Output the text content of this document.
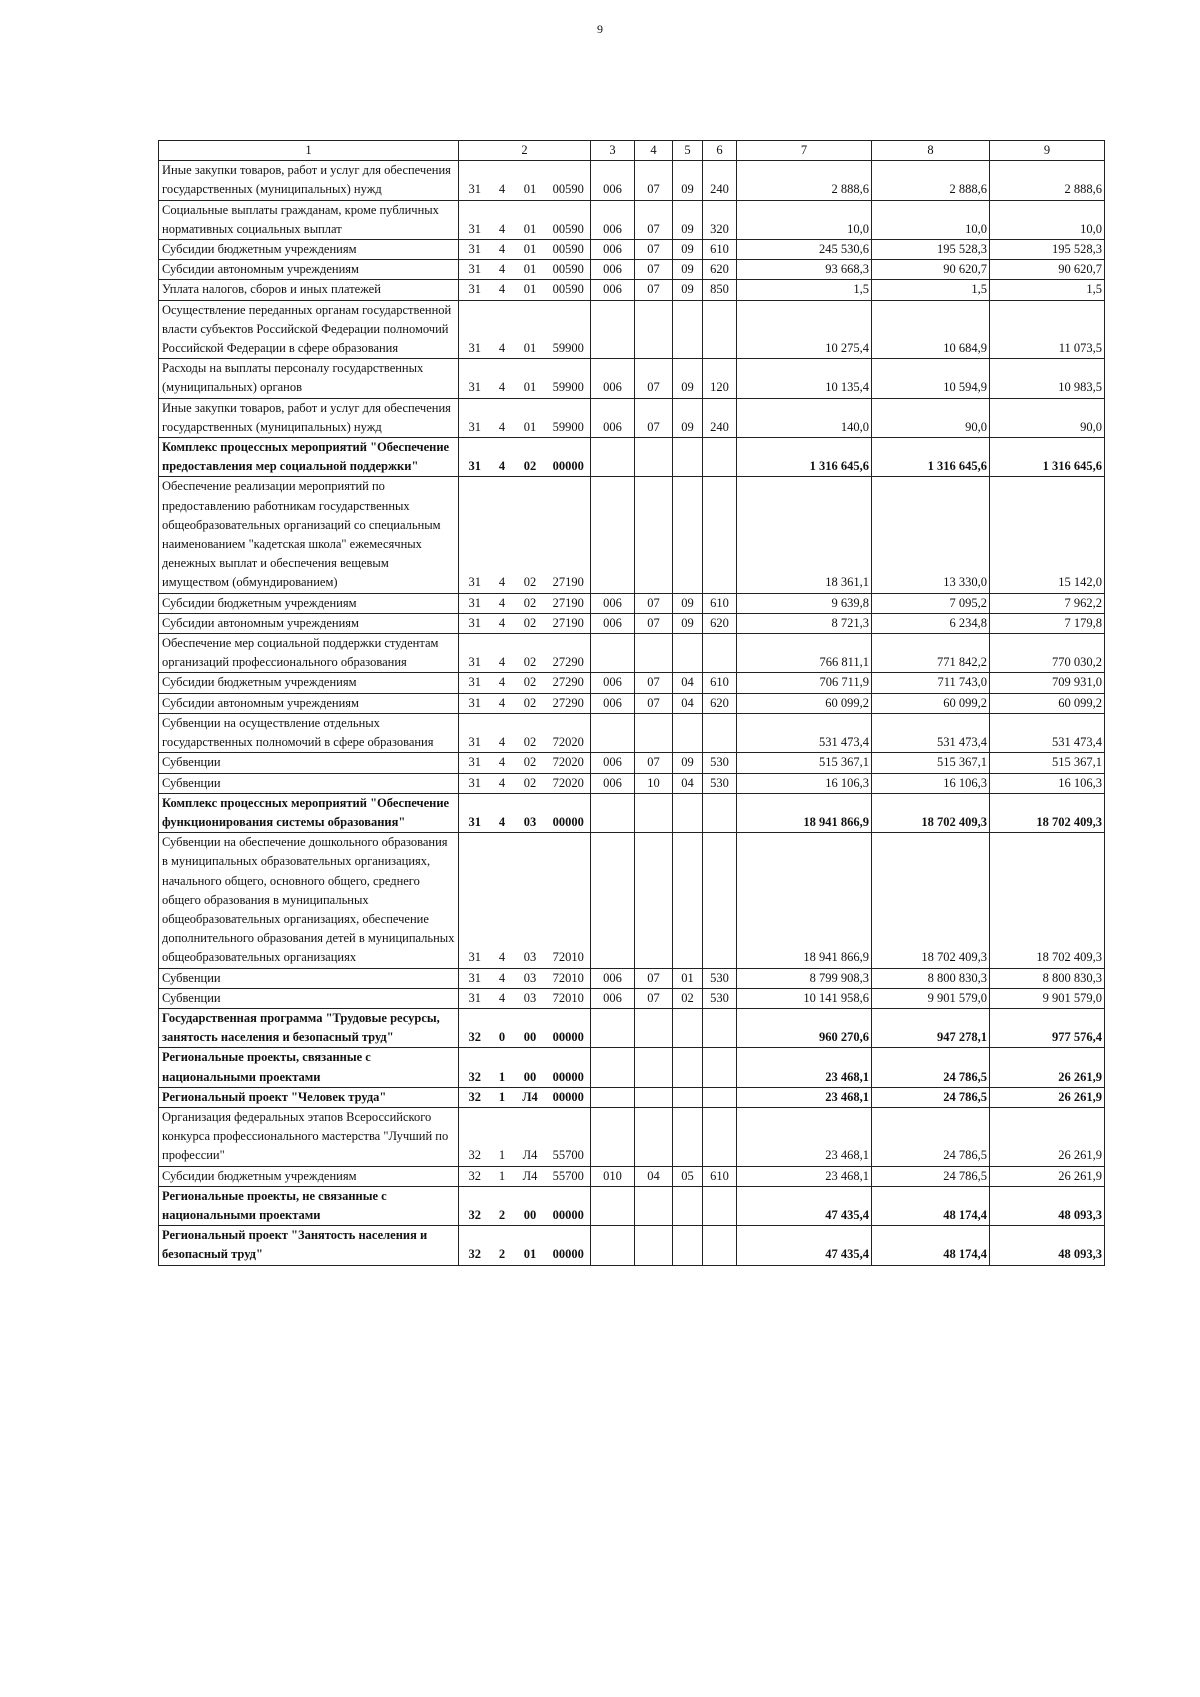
9
1	2				3	4	5	6	7	8	9
Иные закупки товаров, работ и услуг для обеспечения государственных (муниципальных) нужд	31	4	01	00590	006	07	09	240	2 888,6	2 888,6	2 888,6
Социальные выплаты гражданам, кроме публичных нормативных социальных выплат	31	4	01	00590	006	07	09	320	10,0	10,0	10,0
Субсидии бюджетным учреждениям	31	4	01	00590	006	07	09	610	245 530,6	195 528,3	195 528,3
Субсидии автономным учреждениям	31	4	01	00590	006	07	09	620	93 668,3	90 620,7	90 620,7
Уплата налогов, сборов и иных платежей	31	4	01	00590	006	07	09	850	1,5	1,5	1,5
Осуществление переданных органам государственной власти субъектов Российской Федерации полномочий Российской Федерации в сфере образования	31	4	01	59900					10 275,4	10 684,9	11 073,5
Расходы на выплаты персоналу государственных (муниципальных) органов	31	4	01	59900	006	07	09	120	10 135,4	10 594,9	10 983,5
Иные закупки товаров, работ и услуг для обеспечения государственных (муниципальных) нужд	31	4	01	59900	006	07	09	240	140,0	90,0	90,0
Комплекс процессных мероприятий "Обеспечение предоставления мер социальной поддержки"	31	4	02	00000					1 316 645,6	1 316 645,6	1 316 645,6
Обеспечение реализации мероприятий по предоставлению работникам государственных общеобразовательных организаций со специальным наименованием "кадетская школа" ежемесячных денежных выплат и обеспечения вещевым имуществом (обмундированием)	31	4	02	27190					18 361,1	13 330,0	15 142,0
Субсидии бюджетным учреждениям	31	4	02	27190	006	07	09	610	9 639,8	7 095,2	7 962,2
Субсидии автономным учреждениям	31	4	02	27190	006	07	09	620	8 721,3	6 234,8	7 179,8
Обеспечение мер социальной поддержки студентам организаций профессионального образования	31	4	02	27290					766 811,1	771 842,2	770 030,2
Субсидии бюджетным учреждениям	31	4	02	27290	006	07	04	610	706 711,9	711 743,0	709 931,0
Субсидии автономным учреждениям	31	4	02	27290	006	07	04	620	60 099,2	60 099,2	60 099,2
Субвенции на осуществление отдельных государственных полномочий в сфере образования	31	4	02	72020					531 473,4	531 473,4	531 473,4
Субвенции	31	4	02	72020	006	07	09	530	515 367,1	515 367,1	515 367,1
Субвенции	31	4	02	72020	006	10	04	530	16 106,3	16 106,3	16 106,3
Комплекс процессных мероприятий "Обеспечение функционирования системы образования"	31	4	03	00000					18 941 866,9	18 702 409,3	18 702 409,3
Субвенции на обеспечение дошкольного образования в муниципальных образовательных организациях, начального общего, основного общего, среднего общего образования в муниципальных общеобразовательных организациях, обеспечение дополнительного образования детей в муниципальных общеобразовательных организациях	31	4	03	72010					18 941 866,9	18 702 409,3	18 702 409,3
Субвенции	31	4	03	72010	006	07	01	530	8 799 908,3	8 800 830,3	8 800 830,3
Субвенции	31	4	03	72010	006	07	02	530	10 141 958,6	9 901 579,0	9 901 579,0
Государственная программа "Трудовые ресурсы, занятость населения и безопасный труд"	32	0	00	00000					960 270,6	947 278,1	977 576,4
Региональные проекты, связанные с национальными проектами	32	1	00	00000					23 468,1	24 786,5	26 261,9
Региональный проект "Человек труда"	32	1	Л4	00000					23 468,1	24 786,5	26 261,9
Организация федеральных этапов Всероссийского конкурса профессионального мастерства "Лучший по профессии"	32	1	Л4	55700					23 468,1	24 786,5	26 261,9
Субсидии бюджетным учреждениям	32	1	Л4	55700	010	04	05	610	23 468,1	24 786,5	26 261,9
Региональные проекты, не связанные с национальными проектами	32	2	00	00000					47 435,4	48 174,4	48 093,3
Региональный проект "Занятость населения и безопасный труд"	32	2	01	00000					47 435,4	48 174,4	48 093,3
